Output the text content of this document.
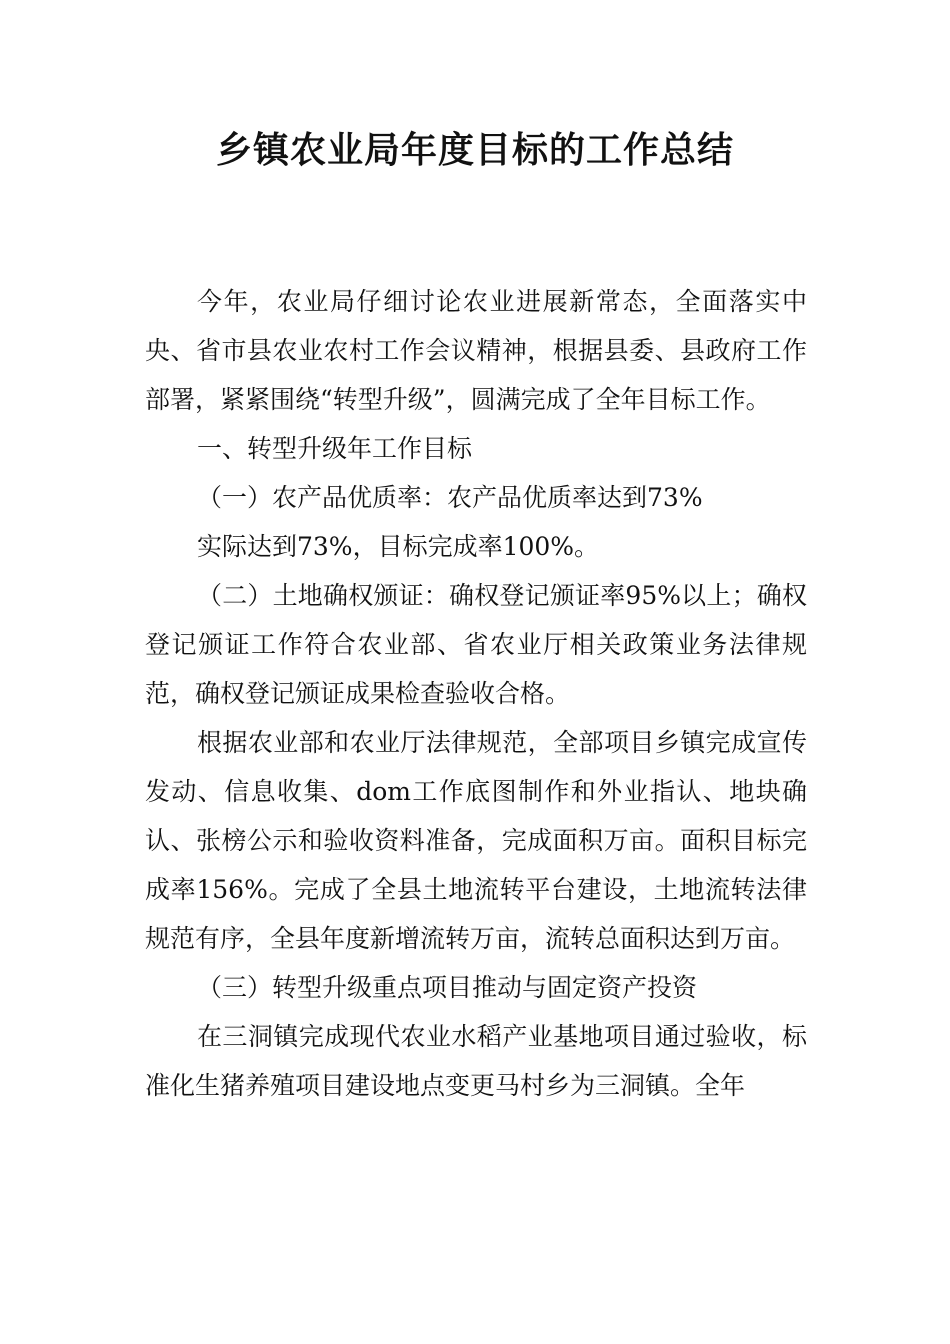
乡镇农业局年度目标的工作总结

今年，农业局仔细讨论农业进展新常态，全面落实中央、省市县农业农村工作会议精神，根据县委、县政府工作部署，紧紧围绕“转型升级”，圆满完成了全年目标工作。

一、转型升级年工作目标

（一）农产品优质率：农产品优质率达到73%

实际达到73%，目标完成率100%。

（二）土地确权颁证：确权登记颁证率95%以上；确权登记颁证工作符合农业部、省农业厅相关政策业务法律规范，确权登记颁证成果检查验收合格。

根据农业部和农业厅法律规范，全部项目乡镇完成宣传发动、信息收集、dom工作底图制作和外业指认、地块确认、张榜公示和验收资料准备，完成面积万亩。面积目标完成率156%。完成了全县土地流转平台建设，土地流转法律规范有序，全县年度新增流转万亩，流转总面积达到万亩。

（三）转型升级重点项目推动与固定资产投资

在三洞镇完成现代农业水稻产业基地项目通过验收，标准化生猪养殖项目建设地点变更马村乡为三洞镇。全年
